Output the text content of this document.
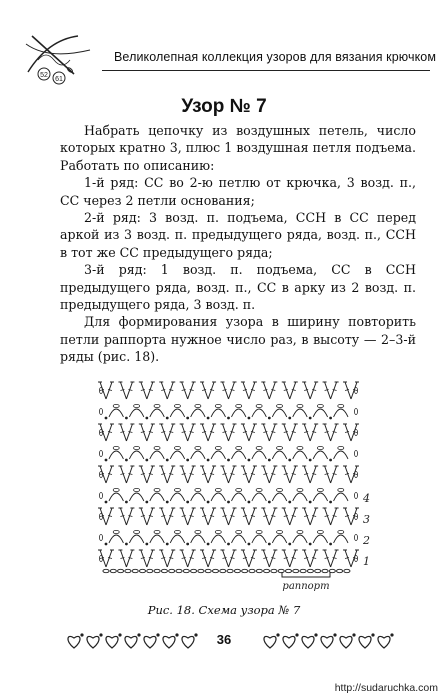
52
61
Великолепная коллекция узоров для вязания крючком
Узор № 7

Набрать цепочку из воздушных петель, число которых кратно 3, плюс 1 воздушная петля подъема. Работать по описанию:

1-й ряд: СС во 2-ю петлю от крючка, 3 возд. п., СС через 2 петли основания;

2-й ряд: 3 возд. п. подъема, ССН в СС перед аркой из 3 возд. п. предыдущего ряда, возд. п., ССН в тот же СС предыдущего ряда;

3-й ряд: 1 возд. п. подъема, СС в ССН предыдущего ряда, возд. п., СС в арку из 2 возд. п. предыдущего ряда, 3 возд. п.

Для формирования узора в ширину повторить петли раппорта нужное число раз, в высоту — 2–3-й ряды (рис. 18).

4
3
2
1
раппорт
Рис. 18. Схема узора № 7
36
http://sudaruchka.com
